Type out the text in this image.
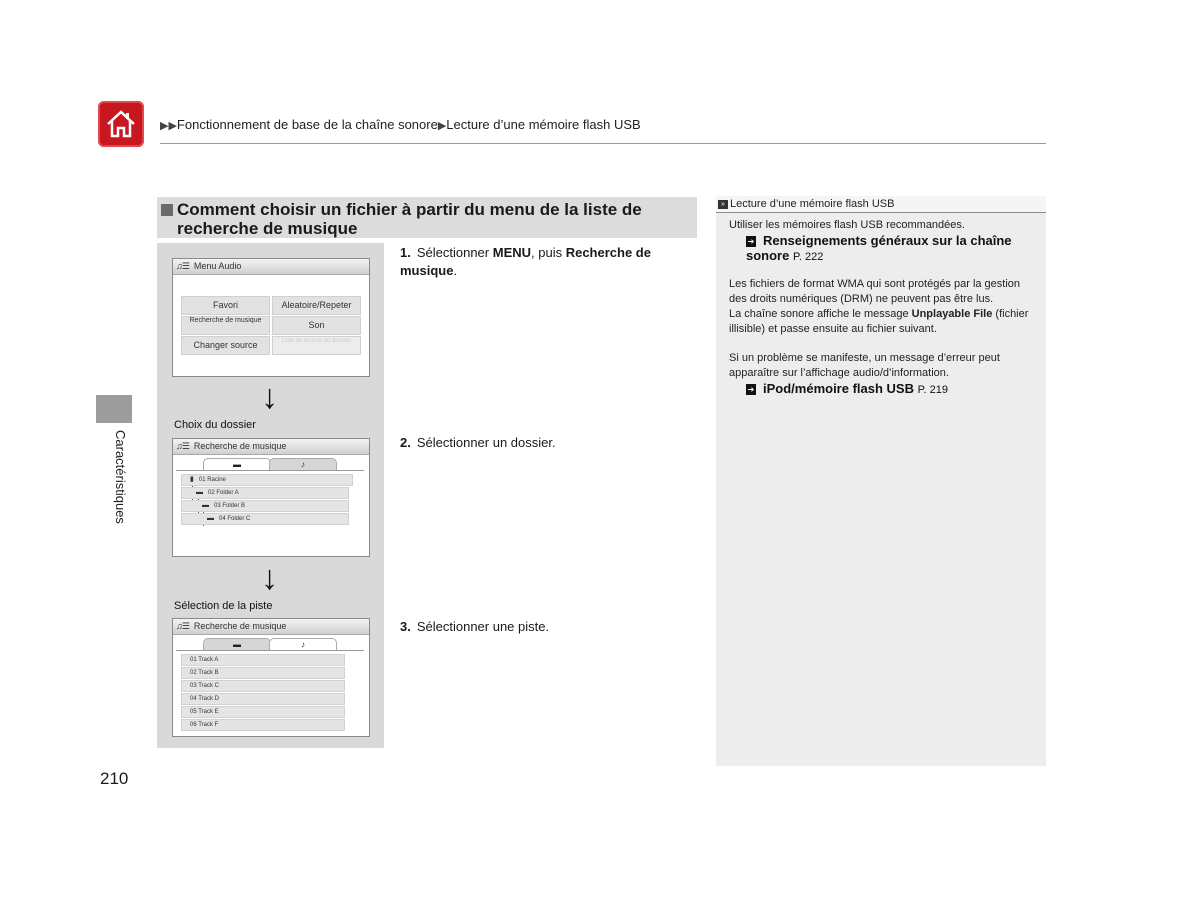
▶▶Fonctionnement de base de la chaîne sonore▶Lecture d’une mémoire flash USB
Caractéristiques
Comment choisir un fichier à partir du menu de la liste de recherche de musique
♫☰ Menu Audio
Favori	Aleatoire/Repeter
Recherche de musique	Son
Changer source	Liste de lecture du dossier
↓
Choix du dossier
♫☰ Recherche de musique
▬	♪
▮ 01 Racine
▬ 02 Folder A
▬ 03 Folder B
▬ 04 Folder C
↓
Sélection de la piste
♫☰ Recherche de musique
▬	♪
01 Track A
02 Track B
03 Track C
04 Track D
05 Track E
06 Track F
1. Sélectionner MENU, puis Recherche de musique.
2. Sélectionner un dossier.
3. Sélectionner une piste.
» Lecture d’une mémoire flash USB
Utiliser les mémoires flash USB recommandées.
➔ Renseignements généraux sur la chaîne sonore P. 222
Les fichiers de format WMA qui sont protégés par la gestion des droits numériques (DRM) ne peuvent pas être lus.
La chaîne sonore affiche le message Unplayable File (fichier illisible) et passe ensuite au fichier suivant.
Si un problème se manifeste, un message d’erreur peut apparaître sur l’affichage audio/d’information.
➔ iPod/mémoire flash USB P. 219
210
